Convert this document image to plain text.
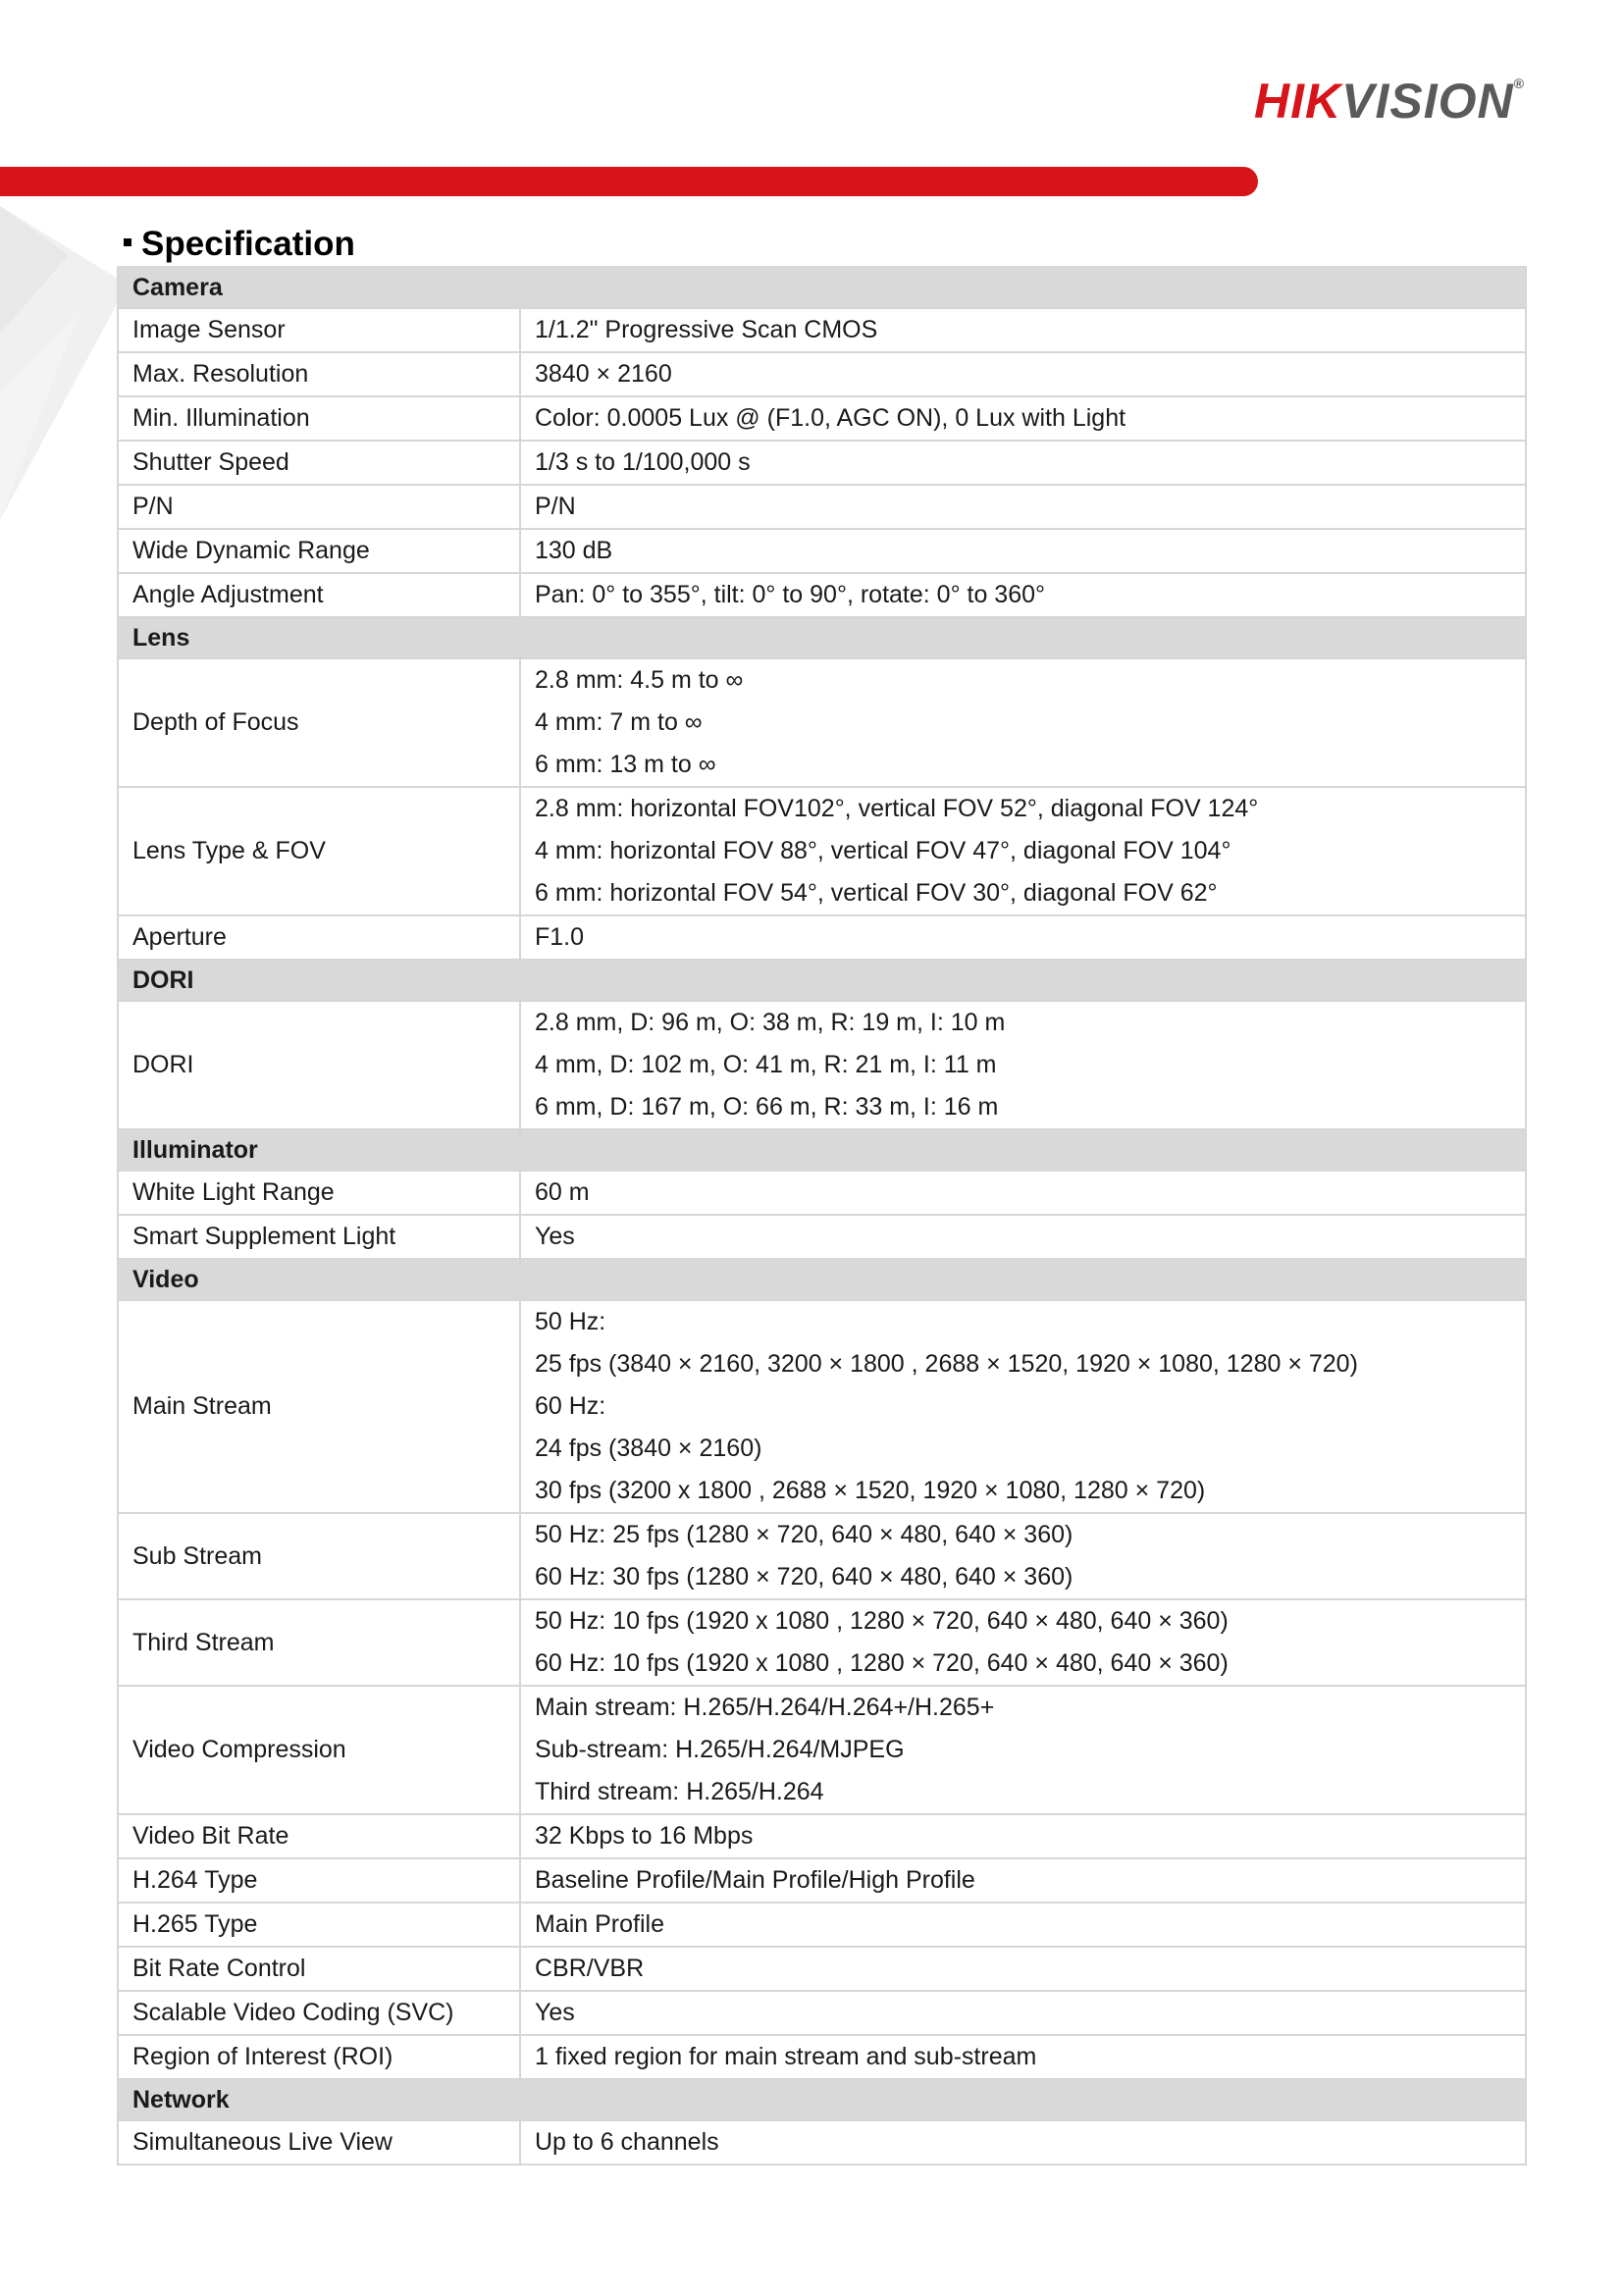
HIKVISION®
Specification
Camera	
Image Sensor	1/1.2" Progressive Scan CMOS

Max. Resolution	3840 × 2160

Min. Illumination	Color: 0.0005 Lux @ (F1.0, AGC ON), 0 Lux with Light

Shutter Speed	1/3 s to 1/100,000 s

P/N	P/N

Wide Dynamic Range	130 dB

Angle Adjustment	Pan: 0° to 355°, tilt: 0° to 90°, rotate: 0° to 360°

Lens	
Depth of Focus	2.8 mm: 4.5 m to ∞
4 mm: 7 m to ∞
6 mm: 13 m to ∞

Lens Type & FOV	2.8 mm: horizontal FOV102°, vertical FOV 52°, diagonal FOV 124°
4 mm: horizontal FOV 88°, vertical FOV 47°, diagonal FOV 104°
6 mm: horizontal FOV 54°, vertical FOV 30°, diagonal FOV 62°

Aperture	F1.0

DORI	
DORI	2.8 mm, D: 96 m, O: 38 m, R: 19 m, I: 10 m
4 mm, D: 102 m, O: 41 m, R: 21 m, I: 11 m
6 mm, D: 167 m, O: 66 m, R: 33 m, I: 16 m

Illuminator	
White Light Range	60 m

Smart Supplement Light	Yes

Video	
Main Stream	50 Hz:
25 fps (3840 × 2160, 3200 × 1800 , 2688 × 1520, 1920 × 1080, 1280 × 720)
60 Hz:
24 fps (3840 × 2160)
30 fps (3200 x 1800 , 2688 × 1520, 1920 × 1080, 1280 × 720)

Sub Stream	50 Hz: 25 fps (1280 × 720, 640 × 480, 640 × 360)
60 Hz: 30 fps (1280 × 720, 640 × 480, 640 × 360)

Third Stream	50 Hz: 10 fps (1920 x 1080 , 1280 × 720, 640 × 480, 640 × 360)
60 Hz: 10 fps (1920 x 1080 , 1280 × 720, 640 × 480, 640 × 360)

Video Compression	Main stream: H.265/H.264/H.264+/H.265+
Sub-stream: H.265/H.264/MJPEG
Third stream: H.265/H.264

Video Bit Rate	32 Kbps to 16 Mbps

H.264 Type	Baseline Profile/Main Profile/High Profile

H.265 Type	Main Profile

Bit Rate Control	CBR/VBR

Scalable Video Coding (SVC)	Yes

Region of Interest (ROI)	1 fixed region for main stream and sub-stream

Network	
Simultaneous Live View	Up to 6 channels
